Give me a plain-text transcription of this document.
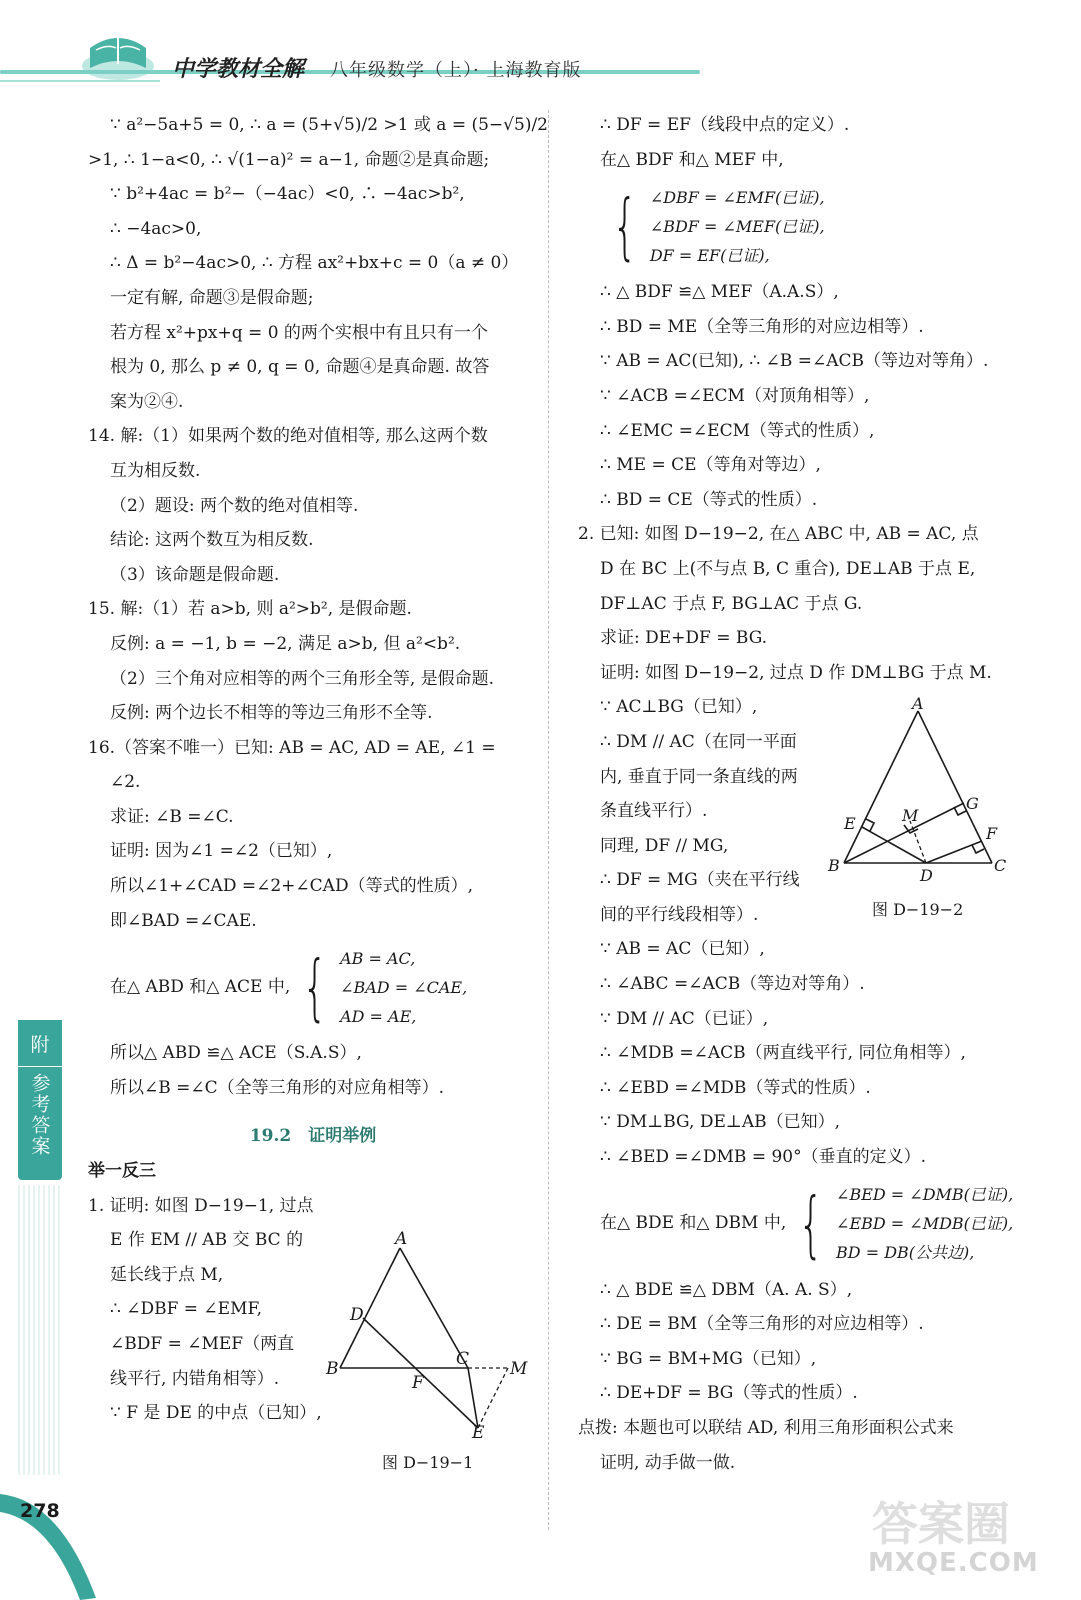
中学教材全解 八年级数学（上）· 上海教育版
∵ a²−5a+5 = 0, ∴ a = (5+√5)/2 >1 或 a = (5−√5)/2
>1, ∴ 1−a<0, ∴ √(1−a)² = a−1, 命题②是真命题;
∵ b²+4ac = b²−（−4ac）<0, ∴ −4ac>b²,
∴ −4ac>0,
∴ Δ = b²−4ac>0, ∴ 方程 ax²+bx+c = 0（a ≠ 0）
一定有解, 命题③是假命题;
若方程 x²+px+q = 0 的两个实根中有且只有一个
根为 0, 那么 p ≠ 0, q = 0, 命题④是真命题. 故答
案为②④.
14. 解:（1）如果两个数的绝对值相等, 那么这两个数
互为相反数.
（2）题设: 两个数的绝对值相等.
结论: 这两个数互为相反数.
（3）该命题是假命题.
15. 解:（1）若 a>b, 则 a²>b², 是假命题.
反例: a = −1, b = −2, 满足 a>b, 但 a²<b².
（2）三个角对应相等的两个三角形全等, 是假命题.
反例: 两个边长不相等的等边三角形不全等.
16.（答案不唯一）已知: AB = AC, AD = AE, ∠1 =
∠2.
求证: ∠B =∠C.
证明: 因为∠1 =∠2（已知）,
所以∠1+∠CAD =∠2+∠CAD（等式的性质）,
即∠BAD =∠CAE.
在△ ABD 和△ ACE 中, { AB = AC,
∠BAD = ∠CAE,
AD = AE,
所以△ ABD ≌△ ACE（S.A.S）,
所以∠B =∠C（全等三角形的对应角相等）.
19.2　证明举例
举一反三
1. 证明: 如图 D−19−1, 过点
E 作 EM // AB 交 BC 的
延长线于点 M,
∴ ∠DBF = ∠EMF,
∠BDF = ∠MEF（两直
线平行, 内错角相等）.
∵ F 是 DE 的中点（已知）,
A
D
B
F
C M
E
图 D−19−1
∴ DF = EF（线段中点的定义）.
在△ BDF 和△ MEF 中,
{ ∠DBF = ∠EMF(已证),
∠BDF = ∠MEF(已证),
DF = EF(已证),
∴ △ BDF ≌△ MEF（A.A.S）,
∴ BD = ME（全等三角形的对应边相等）.
∵ AB = AC(已知), ∴ ∠B =∠ACB（等边对等角）.
∵ ∠ACB =∠ECM（对顶角相等）,
∴ ∠EMC =∠ECM（等式的性质）,
∴ ME = CE（等角对等边）,
∴ BD = CE（等式的性质）.
2. 已知: 如图 D−19−2, 在△ ABC 中, AB = AC, 点
D 在 BC 上(不与点 B, C 重合), DE⊥AB 于点 E,
DF⊥AC 于点 F, BG⊥AC 于点 G.
求证: DE+DF = BG.
证明: 如图 D−19−2, 过点 D 作 DM⊥BG 于点 M.
∵ AC⊥BG（已知）,
∴ DM // AC（在同一平面
内, 垂直于同一条直线的两
条直线平行）.
同理, DF // MG,
∴ DF = MG（夹在平行线
间的平行线段相等）.
∵ AB = AC（已知）,
∴ ∠ABC =∠ACB（等边对等角）.
∵ DM // AC（已证）,
∴ ∠MDB =∠ACB（两直线平行, 同位角相等）,
∴ ∠EBD =∠MDB（等式的性质）.
∵ DM⊥BG, DE⊥AB（已知）,
∴ ∠BED =∠DMB = 90°（垂直的定义）.
在△ BDE 和△ DBM 中, { ∠BED = ∠DMB(已证),
∠EBD = ∠MDB(已证),
BD = DB(公共边),
∴ △ BDE ≌△ DBM（A. A. S）,
∴ DE = BM（全等三角形的对应边相等）.
∵ BG = BM+MG（已知）,
∴ DE+DF = BG（等式的性质）.
点拨: 本题也可以联结 AD, 利用三角形面积公式来
证明, 动手做一做.
A
G
E	M
F
B
D
C
图 D−19−2
附
参考答案
278	答案圈
MXQE.COM
